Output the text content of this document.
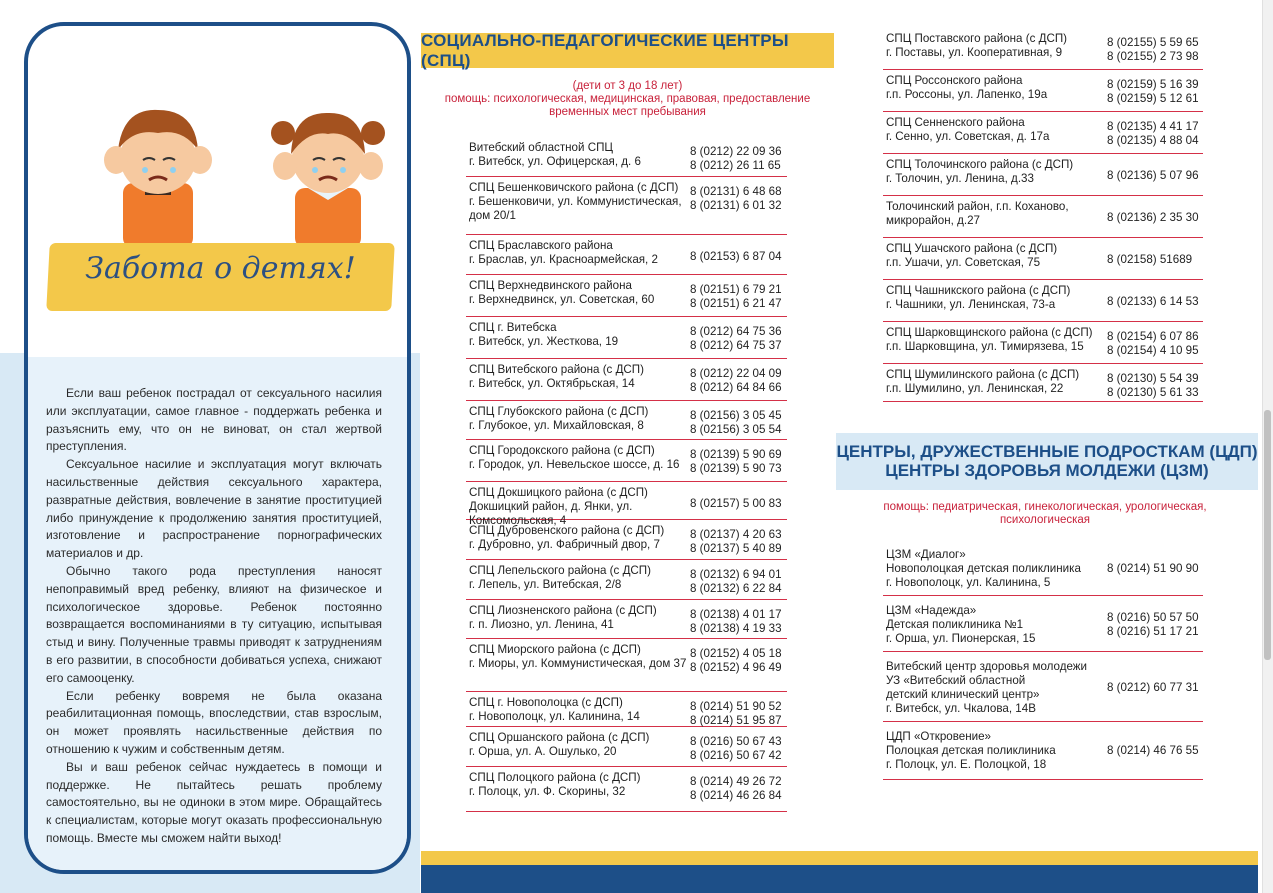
Забота о детях!

Если ваш ребенок пострадал от сексуального насилия или эксплуатации, самое главное - поддержать ребенка и разъяснить ему, что он не виноват, он стал жертвой преступления.

Сексуальное насилие и эксплуатация могут включать насильственные действия сексуального характера, развратные действия, вовлечение в занятие проституцией либо принуждение к продолжению занятия проституцией, изготовление и распространение порнографических материалов и др.

Обычно такого рода преступления наносят непоправимый вред ребенку, влияют на физическое и психологическое здоровье. Ребенок постоянно возвращается воспоминаниями в ту ситуацию, испытывая стыд и вину. Полученные травмы приводят к затруднениям в его развитии, в способности добиваться успеха, снижают его самооценку.

Если ребенку вовремя не была оказана реабилитационная помощь, впоследствии, став взрослым, он может проявлять насильственные действия по отношению к чужим и собственным детям.

Вы и ваш ребенок сейчас нуждаетесь в помощи и поддержке. Не пытайтесь решать проблему самостоятельно, вы не одиноки в этом мире. Обращайтесь к специалистам, которые могут оказать профессиональную помощь. Вместе мы сможем найти выход!

СОЦИАЛЬНО-ПЕДАГОГИЧЕСКИЕ ЦЕНТРЫ (СПЦ)
(дети от 3 до 18 лет)
помощь: психологическая, медицинская, правовая, предоставление временных мест пребывания
Витебский областной СПЦ
г. Витебск, ул. Офицерская, д. 6
8 (0212) 22 09 36
8 (0212) 26 11 65
СПЦ Бешенковичского района (с ДСП)
г. Бешенковичи, ул. Коммунистическая, дом 20/1
8 (02131) 6 48 68
8 (02131) 6 01 32
СПЦ Браславского района
г. Браслав, ул. Красноармейская, 2	8 (02153) 6 87 04
СПЦ Верхнедвинского района
г. Верхнедвинск, ул. Советская, 60
8 (02151) 6 79 21
8 (02151) 6 21 47
СПЦ г. Витебска
г. Витебск, ул. Жесткова, 19
8 (0212) 64 75 36
8 (0212) 64 75 37
СПЦ Витебского района (с ДСП)
г. Витебск, ул. Октябрьская, 14
8 (0212) 22 04 09
8 (0212) 64 84 66
СПЦ Глубокского района (с ДСП)
г. Глубокое, ул. Михайловская, 8
8 (02156) 3 05 45
8 (02156) 3 05 54
СПЦ Городокского района (с ДСП)
г. Городок, ул. Невельское шоссе, д. 16
8 (02139) 5 90 69
8 (02139) 5 90 73
СПЦ Докшицкого района (с ДСП)
Докшицкий район, д. Янки, ул. Комсомольская, 4
8 (02157) 5 00 83
СПЦ Дубровенского района (с ДСП)
г. Дубровно, ул. Фабричный двор, 7
8 (02137) 4 20 63
8 (02137) 5 40 89
СПЦ Лепельского района (с ДСП)
г. Лепель, ул. Витебская, 2/8
8 (02132) 6 94 01
8 (02132) 6 22 84
СПЦ Лиозненского района (с ДСП)
г. п. Лиозно, ул. Ленина, 41
8 (02138) 4 01 17
8 (02138) 4 19 33
СПЦ Миорского района (с ДСП)
г. Миоры, ул. Коммунистическая, дом 37
8 (02152) 4 05 18
8 (02152) 4 96 49
СПЦ г. Новополоцка (с ДСП)
г. Новополоцк, ул. Калинина, 14
8 (0214) 51 90 52
8 (0214) 51 95 87
СПЦ Оршанского района (с ДСП)
г. Орша, ул. А. Ошулько, 20
8 (0216) 50 67 43
8 (0216) 50 67 42
СПЦ Полоцкого района (с ДСП)
г. Полоцк, ул. Ф. Скорины, 32
8 (0214) 49 26 72
8 (0214) 46 26 84
СПЦ Поставского района (с ДСП)
г. Поставы, ул. Кооперативная, 9
8 (02155) 5 59 65
8 (02155) 2 73 98
СПЦ Россонского района
г.п. Россоны, ул. Лапенко, 19а
8 (02159) 5 16 39
8 (02159) 5 12 61
СПЦ Сенненского района
г. Сенно, ул. Советская, д. 17а
8 (02135) 4 41 17
8 (02135) 4 88 04
СПЦ Толочинского района (с ДСП)
г. Толочин, ул. Ленина, д.33	8 (02136) 5 07 96
Толочинский район, г.п. Коханово,
микрорайон, д.27	8 (02136) 2 35 30
СПЦ Ушачского района (с ДСП)
г.п. Ушачи, ул. Советская, 75	8 (02158) 51689
СПЦ Чашникского района (с ДСП)
г. Чашники, ул. Ленинская, 73-а	8 (02133) 6 14 53
СПЦ Шарковщинского района (с ДСП)
г.п. Шарковщина, ул. Тимирязева, 15
8 (02154) 6 07 86
8 (02154) 4 10 95
СПЦ Шумилинского района (с ДСП)
г.п. Шумилино, ул. Ленинская, 22
8 (02130) 5 54 39
8 (02130) 5 61 33
ЦЕНТРЫ, ДРУЖЕСТВЕННЫЕ ПОДРОСТКАМ (ЦДП)
ЦЕНТРЫ ЗДОРОВЬЯ МОЛДЕЖИ (ЦЗМ)
помощь: педиатрическая, гинекологическая, урологическая, психологическая
ЦЗМ «Диалог»
Новополоцкая детская поликлиника
г. Новополоцк, ул. Калинина, 5
8 (0214) 51 90 90
ЦЗМ «Надежда»
Детская поликлиника №1
г. Орша, ул. Пионерская, 15
8 (0216) 50 57 50
8 (0216) 51 17 21
Витебский центр здоровья молодежи
УЗ «Витебский областной
детский клинический центр»
г. Витебск, ул. Чкалова, 14В
8 (0212) 60 77 31
ЦДП «Откровение»
Полоцкая детская поликлиника
г. Полоцк, ул. Е. Полоцкой, 18
8 (0214) 46 76 55
